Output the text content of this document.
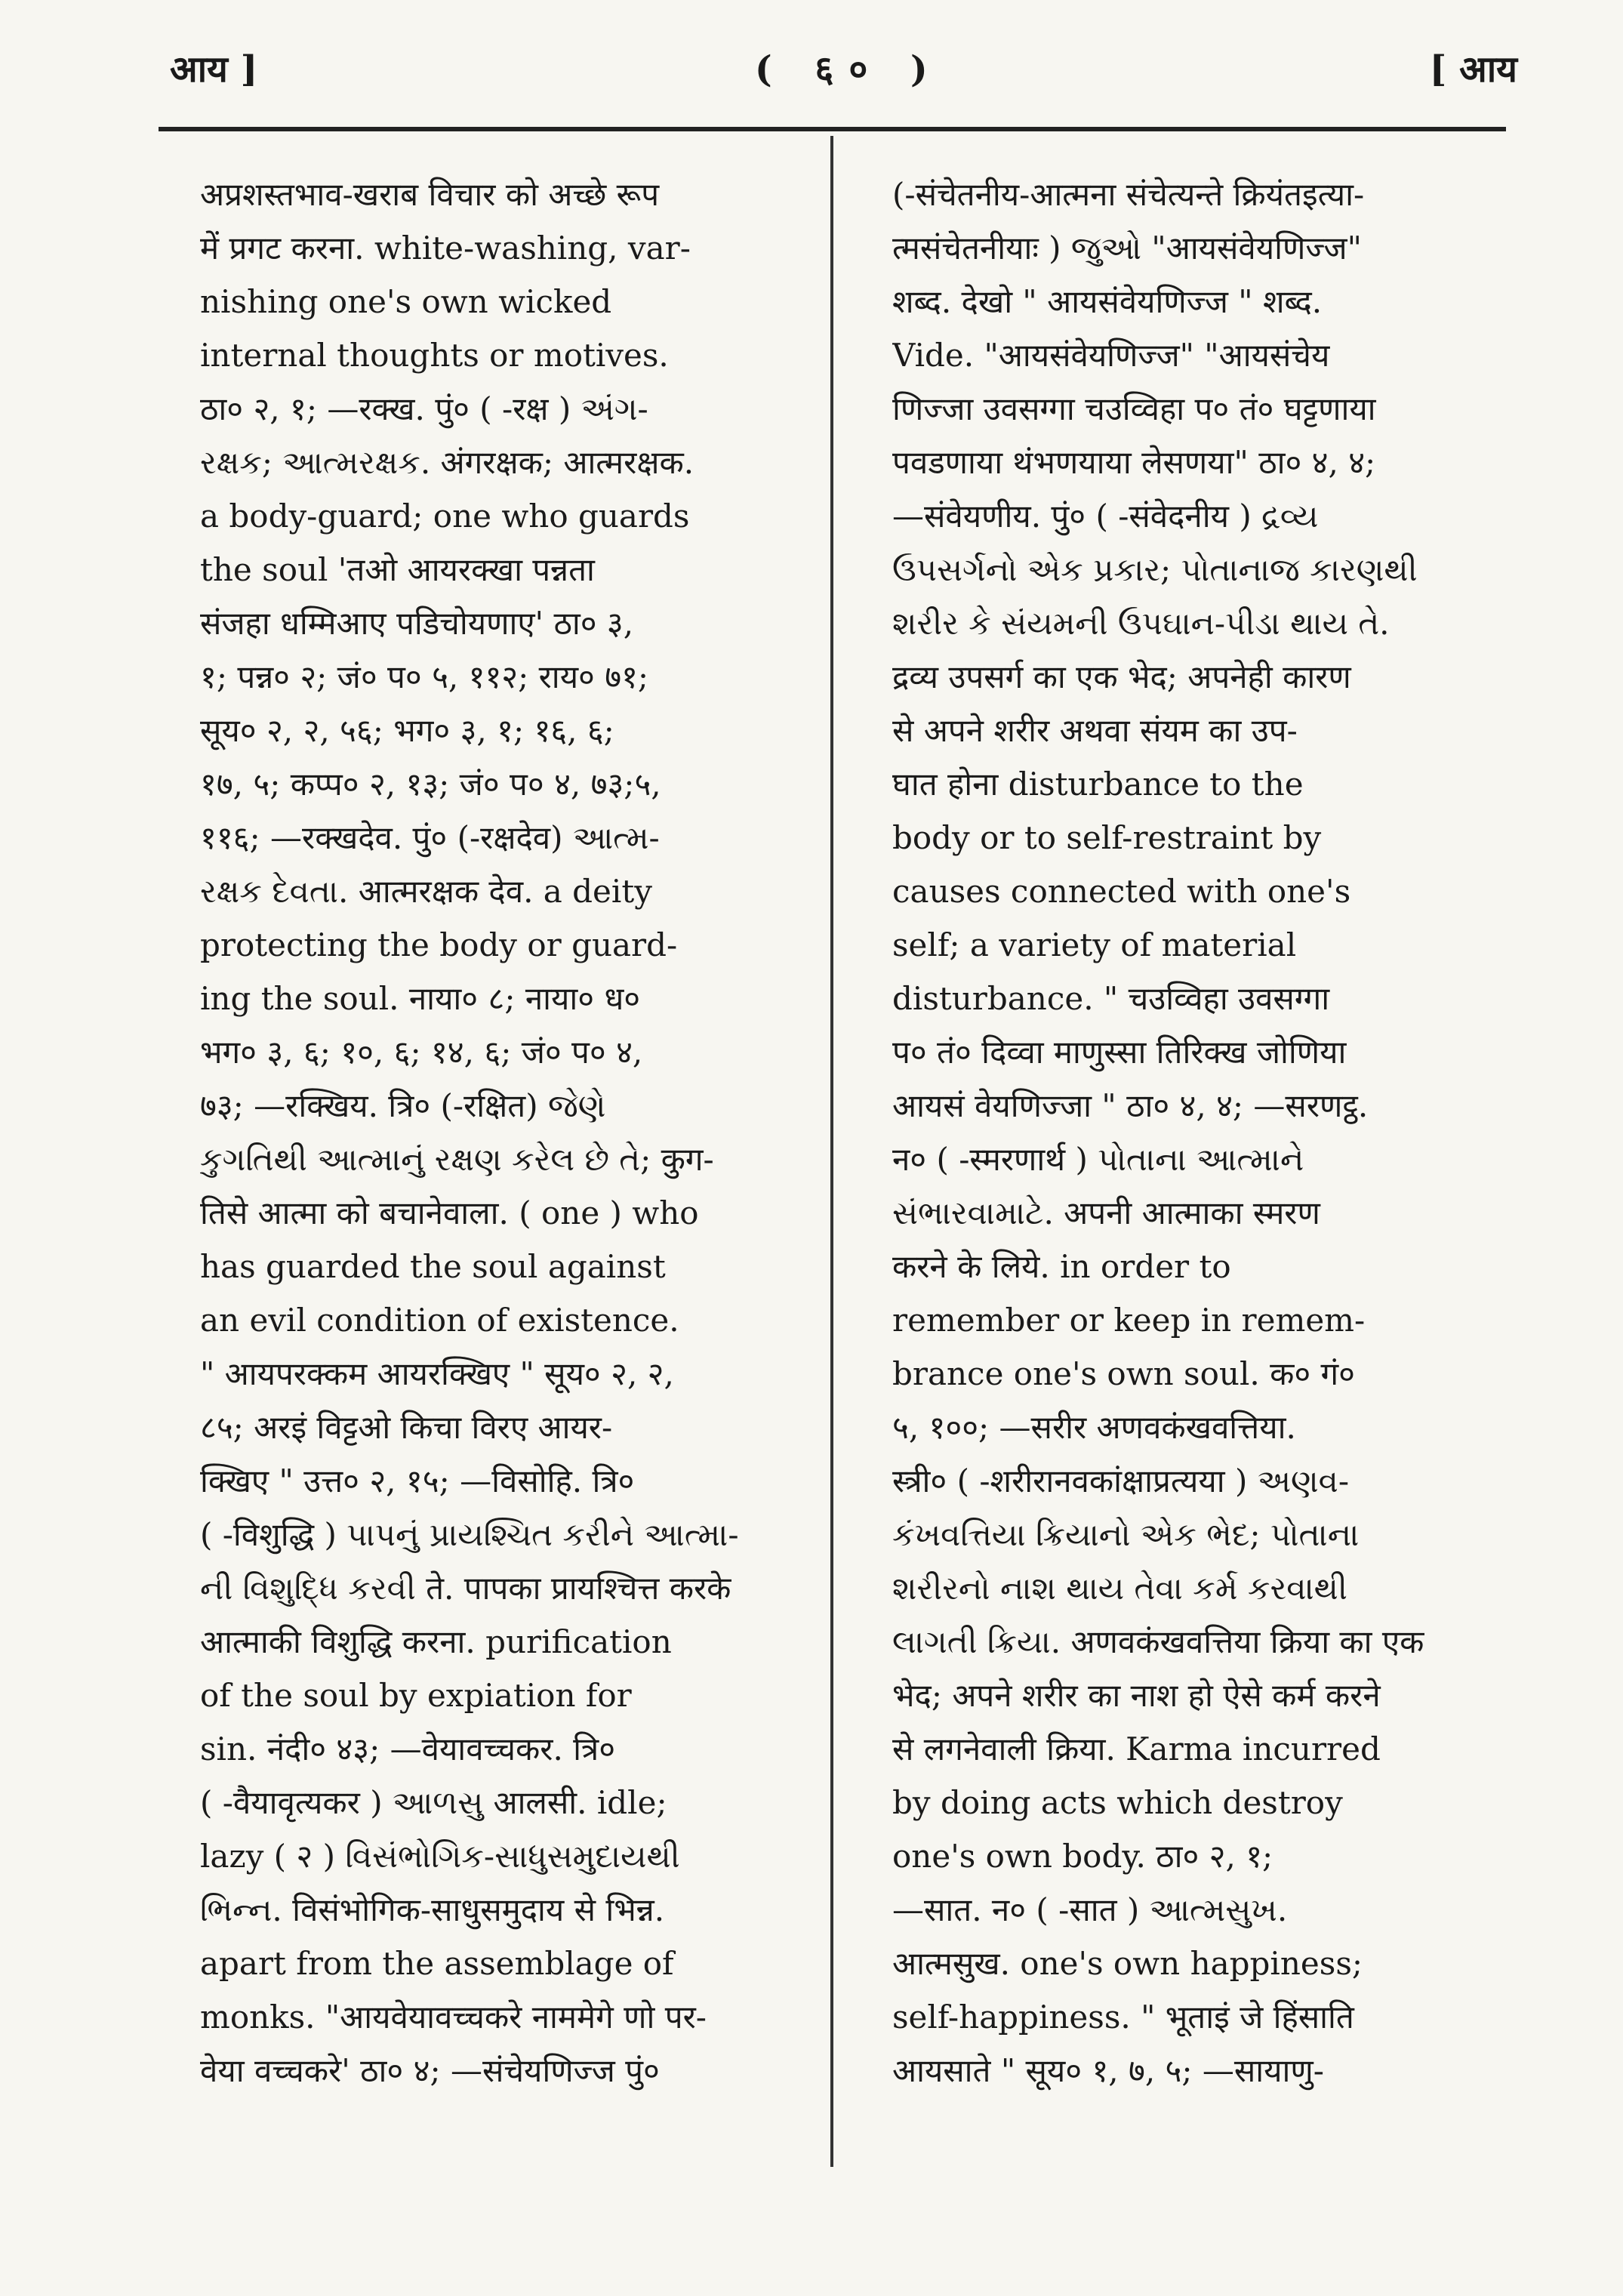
आय ]	( ६० )	[ आय
अप्रशस्तभाव-खराब विचार को अच्छे रूप
में प्रगट करना. white-washing, var-
nishing one's own wicked
internal thoughts or motives.
ठा० २, १; —रक्ख. पुं० ( -रक्ष ) અંગ-
રક્ષક; આત્મરક્ષક. अंगरक्षक; आत्मरक्षक.
a body-guard; one who guards
the soul 'तओ आयरक्खा पन्नता
संजहा धम्मिआए पडिचोयणाए' ठा० ३,
१; पन्न० २; जं० प० ५, ११२; राय० ७१;
सूय० २, २, ५६; भग० ३, १; १६, ६;
१७, ५; कप्प० २, १३; जं० प० ४, ७३;५,
११६; —रक्खदेव. पुं० (-रक्षदेव) આત્મ-
રક્ષક દેવતા. आत्मरक्षक देव. a deity
protecting the body or guard-
ing the soul. नाया० ८; नाया० ध०
भग० ३, ६; १०, ६; १४, ६; जं० प० ४,
७३; —रक्खिय. त्रि० (-रक्षित) જેણે
કુગતિથી આત્માનું રક્ષણ કરેલ છે તે; कुग-
तिसे आत्मा को बचानेवाला. ( one ) who
has guarded the soul against
an evil condition of existence.
" आयपरक्कम आयरक्खिए " सूय० २, २,
८५; अरइं विट्टओ किचा विरए आयर-
क्खिए " उत्त० २, १५; —विसोहि. त्रि०
( -विशुद्धि ) પાપનું પ્રાયશ્ચિત કરીને આત્મા-
ની વિશુદ્ધિ કરવી ते. पापका प्रायश्चित्त करके
आत्माकी विशुद्धि करना. purification
of the soul by expiation for
sin. नंदी० ४३; —वेयावच्चकर. त्रि०
( -वैयावृत्यकर ) આળસુ आलसी. idle;
lazy ( २ ) વિસંભોગિક-સાધુસમુદાયથી
ભિન્ન. विसंभोगिक-साधुसमुदाय से भिन्न.
apart from the assemblage of
monks. "आयवेयावच्चकरे नाममेगे णो पर-
वेया वच्चकरे' ठा० ४; —संचेयणिज्ज पुं०
(-संचेतनीय-आत्मना संचेत्यन्ते क्रियंतइत्या-
त्मसंचेतनीयाः ) જુઓ "आयसंवेयणिज्ज"
शब्द. देखो " आयसंवेयणिज्ज " शब्द.
Vide. "आयसंवेयणिज्ज" "आयसंचेय
णिज्जा उवसग्गा चउव्विहा प० तं० घट्टणाया
पवडणाया थंभणयाया लेसणया" ठा० ४, ४;
—संवेयणीय. पुं० ( -संवेदनीय ) દ્રવ્ય
ઉપસર્ગનો એક પ્રકાર; પોતાનાજ કારણથી
શરીર કે સંયમની ઉપઘાન-પીડા થાય તે.
द्रव्य उपसर्ग का एक भेद; अपनेही कारण
से अपने शरीर अथवा संयम का उप-
घात होना disturbance to the
body or to self-restraint by
causes connected with one's
self; a variety of material
disturbance. " चउव्विहा उवसग्गा
प० तं० दिव्वा माणुस्सा तिरिक्ख जोणिया
आयसं वेयणिज्जा " ठा० ४, ४; —सरणट्ठ.
न० ( -स्मरणार्थ ) પોતાના આત્માને
સંભારવામાટે. अपनी आत्माका स्मरण
करने के लिये. in order to
remember or keep in remem-
brance one's own soul. क० गं०
५, १००; —सरीर अणवकंखवत्तिया.
स्त्री० ( -शरीरानवकांक्षाप्रत्यया ) અણવ-
કંખવત્તિયા ક્રિયાનો એક ભેદ; પોતાના
શરીરનો નાશ થાય તેવા કર્મ કરવાથી
લાગતી ક્રિયા. अणवकंखवत्तिया क्रिया का एक
भेद; अपने शरीर का नाश हो ऐसे कर्म करने
से लगनेवाली क्रिया. Karma incurred
by doing acts which destroy
one's own body. ठा० २, १;
—सात. न० ( -सात ) આત્મસુખ.
आत्मसुख. one's own happiness;
self-happiness. " भूताइं जे हिंसाति
आयसाते " सूय० १, ७, ५; —सायाणु-
